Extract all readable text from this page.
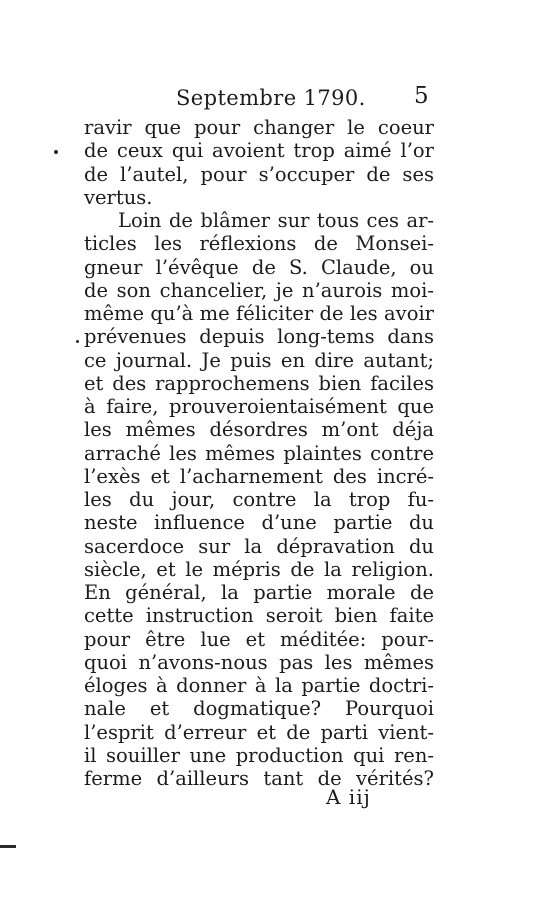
Septembre 1790. 5
ravir que pour changer le coeur
de ceux qui avoient trop aimé l’or
de l’autel, pour s’occuper de ses
vertus.
Loin de blâmer sur tous ces ar-
ticles les réflexions de Monsei-
gneur l’évêque de S. Claude, ou
de son chancelier, je n’aurois moi-
même qu’à me féliciter de les avoir
prévenues depuis long-tems dans
ce journal. Je puis en dire autant;
et des rapprochemens bien faciles
à faire, prouveroientaisément que
les mêmes désordres m’ont déja
arraché les mêmes plaintes contre
l’exès et l’acharnement des incré-
les du jour, contre la trop fu-
neste influence d’une partie du
sacerdoce sur la dépravation du
siècle, et le mépris de la religion.
En général, la partie morale de
cette instruction seroit bien faite
pour être lue et méditée: pour-
quoi n’avons-nous pas les mêmes
éloges à donner à la partie doctri-
nale et dogmatique? Pourquoi
l’esprit d’erreur et de parti vient-
il souiller une production qui ren-
ferme d’ailleurs tant de vérités?
A iij
